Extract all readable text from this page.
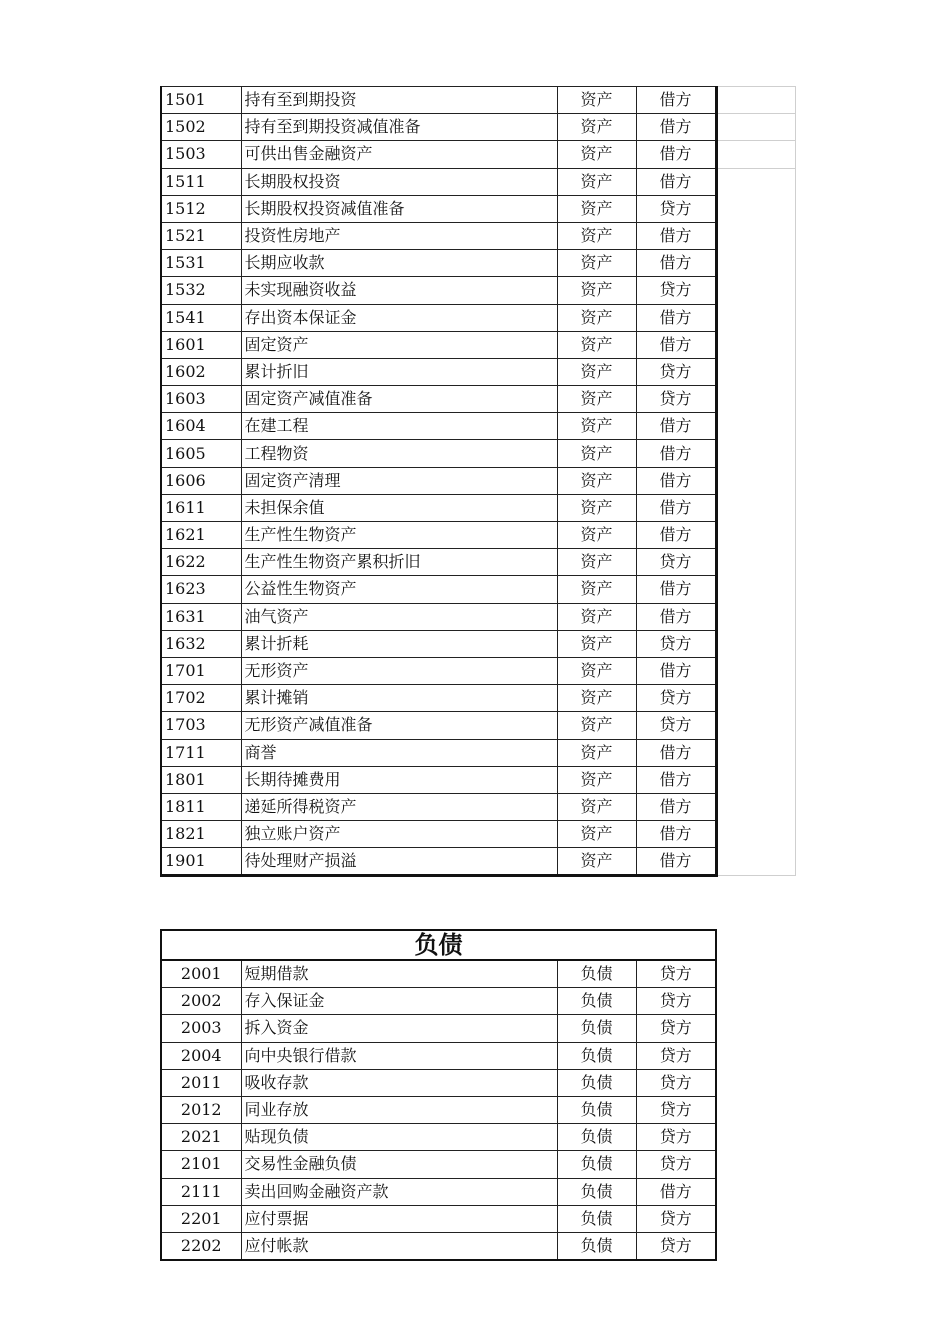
1501	持有至到期投资	资产	借方	
1502	持有至到期投资减值准备	资产	借方	
1503	可供出售金融资产	资产	借方	
1511	长期股权投资	资产	借方	
1512	长期股权投资减值准备	资产	贷方	
1521	投资性房地产	资产	借方	
1531	长期应收款	资产	借方	
1532	未实现融资收益	资产	贷方	
1541	存出资本保证金	资产	借方	
1601	固定资产	资产	借方	
1602	累计折旧	资产	贷方	
1603	固定资产减值准备	资产	贷方	
1604	在建工程	资产	借方	
1605	工程物资	资产	借方	
1606	固定资产清理	资产	借方	
1611	未担保余值	资产	借方	
1621	生产性生物资产	资产	借方	
1622	生产性生物资产累积折旧	资产	贷方	
1623	公益性生物资产	资产	借方	
1631	油气资产	资产	借方	
1632	累计折耗	资产	贷方	
1701	无形资产	资产	借方	
1702	累计摊销	资产	贷方	
1703	无形资产减值准备	资产	贷方	
1711	商誉	资产	借方	
1801	长期待摊费用	资产	借方	
1811	递延所得税资产	资产	借方	
1821	独立账户资产	资产	借方	
1901	待处理财产损溢	资产	借方	
负债			
2001	短期借款	负债	贷方
2002	存入保证金	负债	贷方
2003	拆入资金	负债	贷方
2004	向中央银行借款	负债	贷方
2011	吸收存款	负债	贷方
2012	同业存放	负债	贷方
2021	贴现负债	负债	贷方
2101	交易性金融负债	负债	贷方
2111	卖出回购金融资产款	负债	借方
2201	应付票据	负债	贷方
2202	应付帐款	负债	贷方
